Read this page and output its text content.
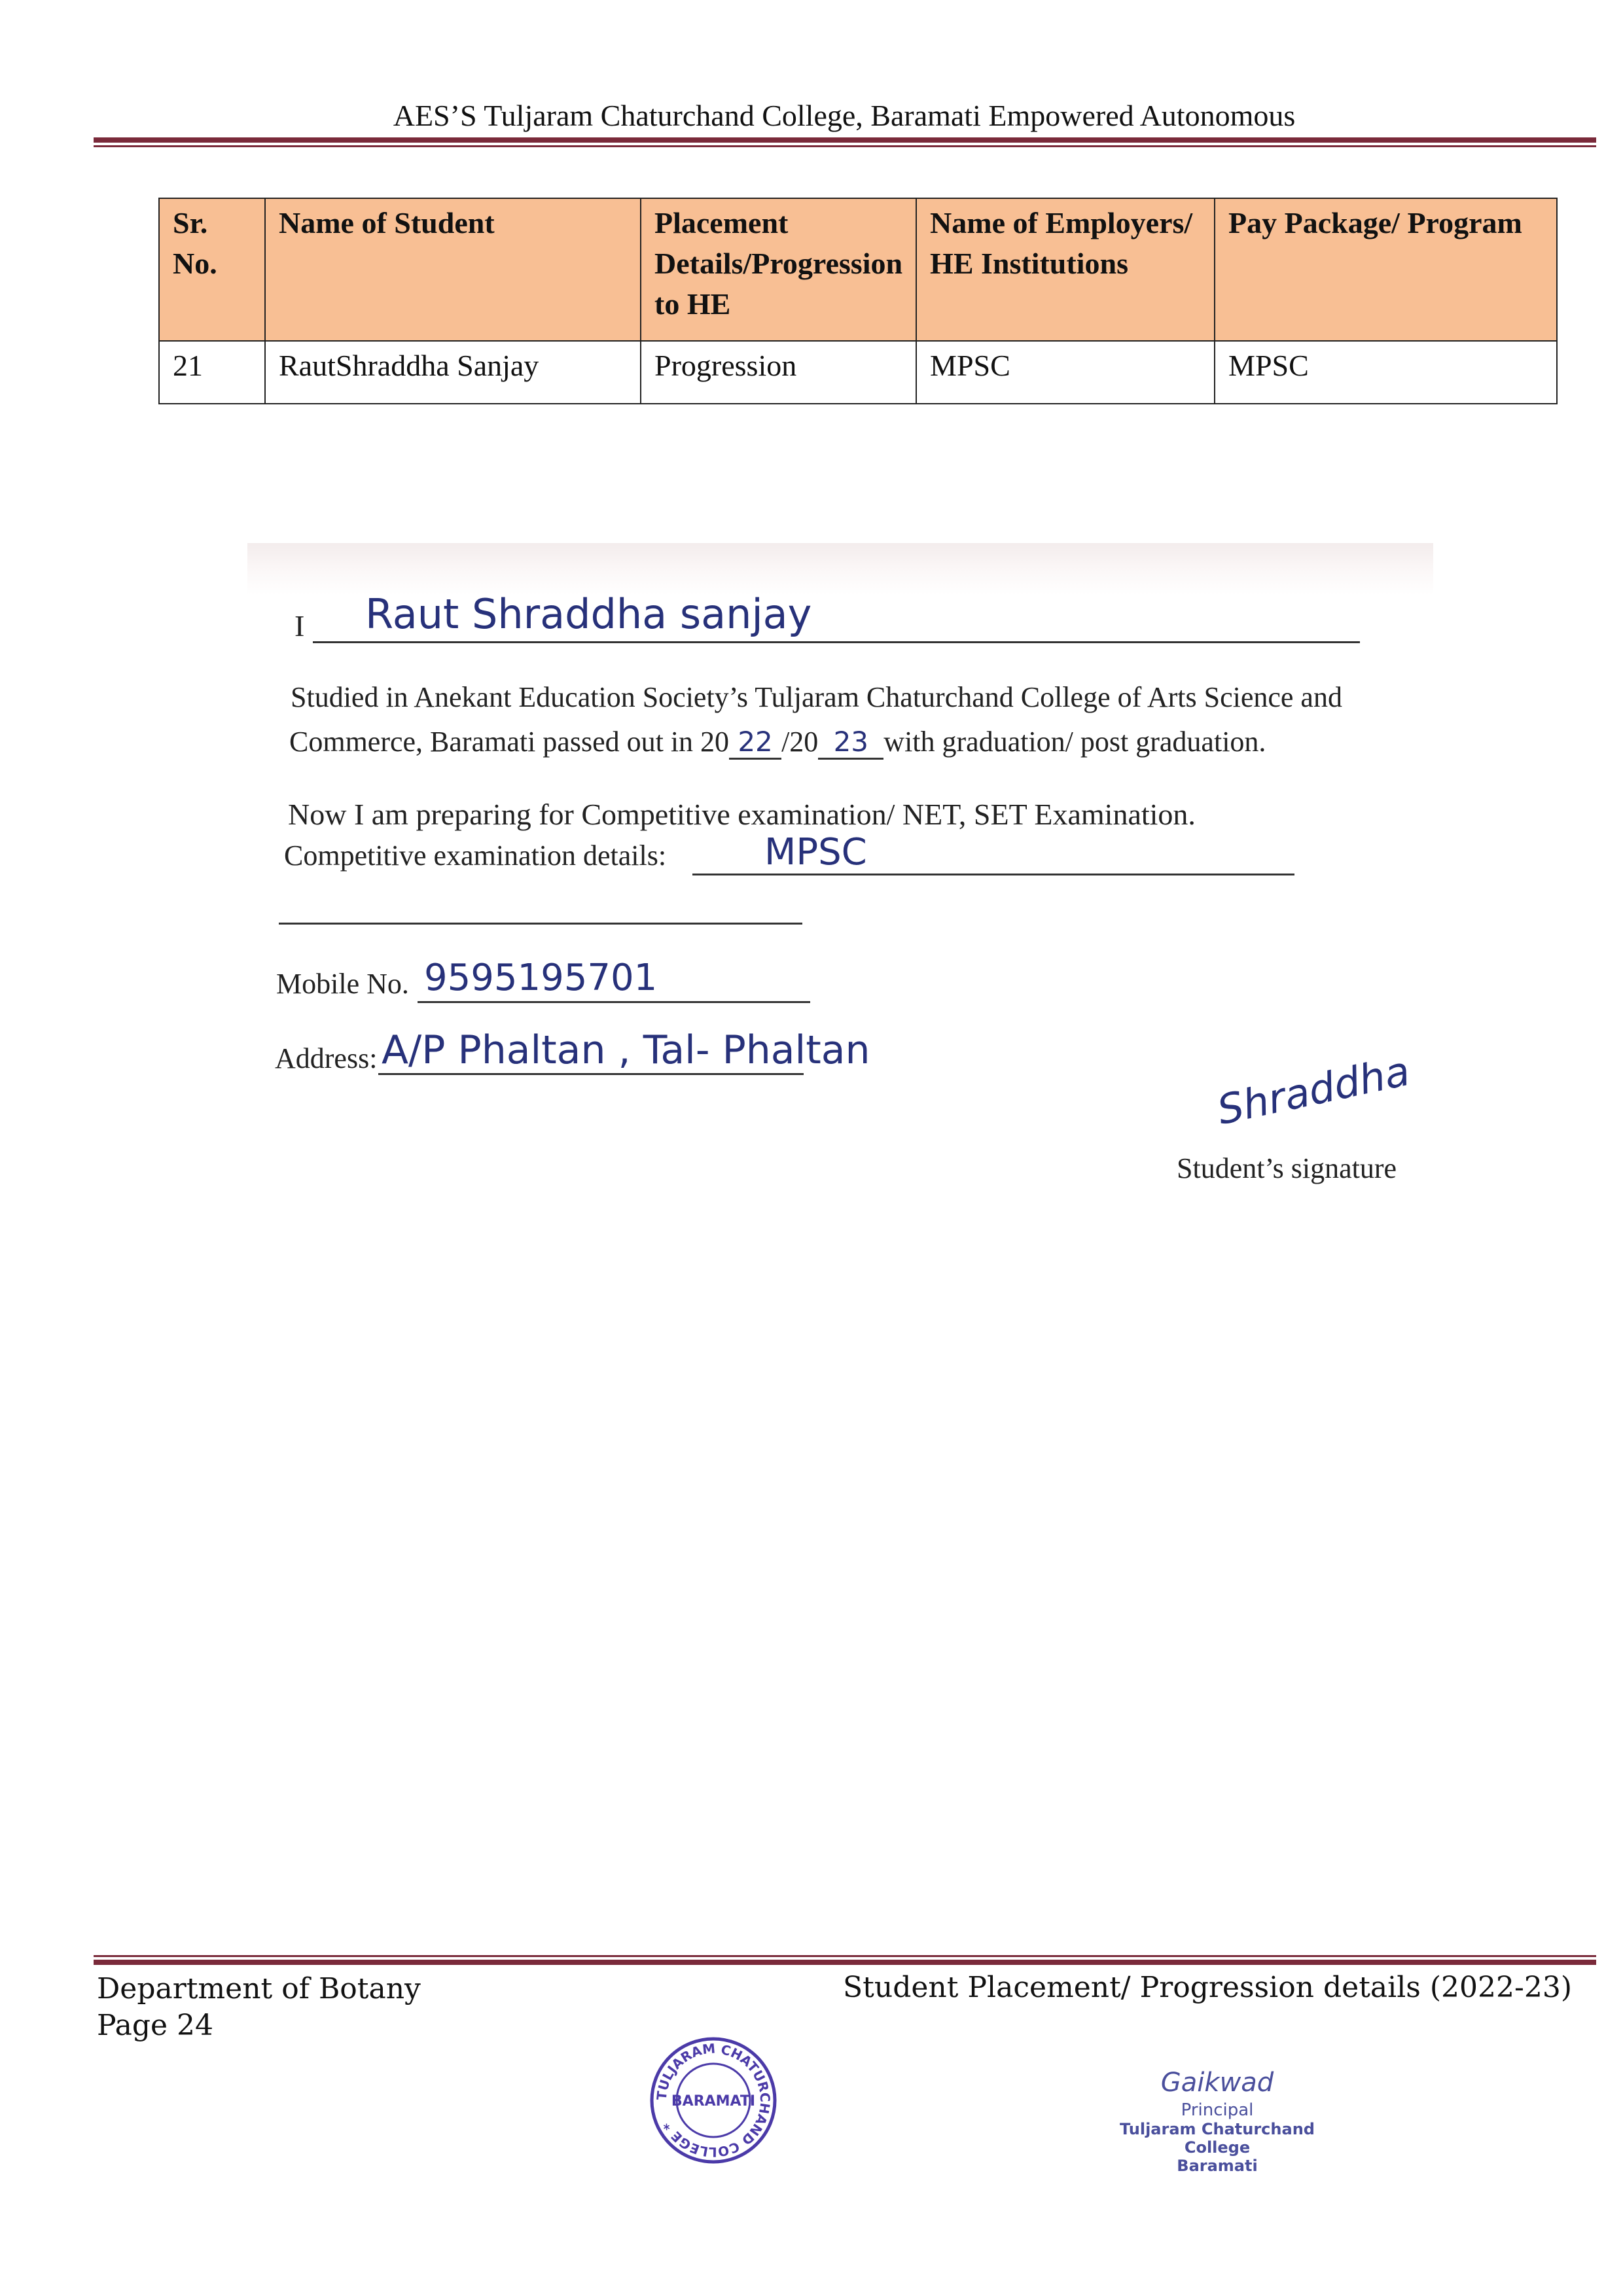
AES’S Tuljaram Chaturchand College, Baramati Empowered Autonomous
Sr. No.	Name of Student	Placement Details/Progression to HE	Name of Employers/ HE Institutions	Pay Package/ Program
21	RautShraddha Sanjay	Progression	MPSC	MPSC
I Raut Shraddha sanjay
Studied in Anekant Education Society’s Tuljaram Chaturchand College of Arts Science and
Commerce, Baramati passed out in 20 22 /20 23 with graduation/ post graduation.
Now I am preparing for Competitive examination/ NET, SET Examination.
Competitive examination details:	MPSC
Mobile No. 9595195701
Address: A/P Phaltan , Tal- Phaltan	Shraddha
Student’s signature
Department of Botany
Page 24
Student Placement/ Progression details (2022-23)
TULJARAM CHATURCHAND COLLEGE *
BARAMATI
Gaikwad
Principal
Tuljaram Chaturchand College
Baramati
